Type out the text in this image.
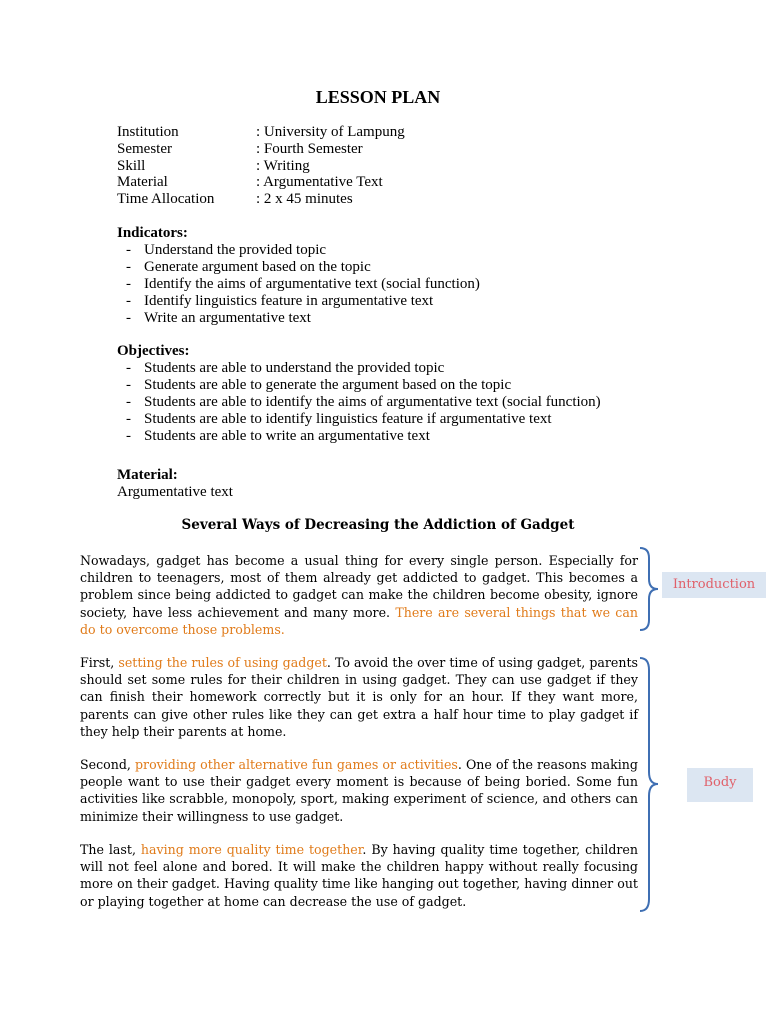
LESSON PLAN
Institution	: University of Lampung
Semester	: Fourth Semester
Skill	: Writing
Material	: Argumentative Text
Time Allocation	: 2 x 45 minutes
Indicators:
- Understand the provided topic
- Generate argument based on the topic
- Identify the aims of argumentative text (social function)
- Identify linguistics feature in argumentative text
- Write an argumentative text
Objectives:
- Students are able to understand the provided topic
- Students are able to generate the argument based on the topic
- Students are able to identify the aims of argumentative text (social function)
- Students are able to identify linguistics feature if argumentative text
- Students are able to write an argumentative text
Material:
Argumentative text
Several Ways of Decreasing the Addiction of Gadget
Nowadays, gadget has become a usual thing for every single person. Especially for children to teenagers, most of them already get addicted to gadget. This becomes a problem since being addicted to gadget can make the children become obesity, ignore society, have less achievement and many more. There are several things that we can do to overcome those problems.
First, setting the rules of using gadget. To avoid the over time of using gadget, parents should set some rules for their children in using gadget. They can use gadget if they can finish their homework correctly but it is only for an hour. If they want more, parents can give other rules like they can get extra a half hour time to play gadget if they help their parents at home.
Second, providing other alternative fun games or activities. One of the reasons making people want to use their gadget every moment is because of being boried. Some fun activities like scrabble, monopoly, sport, making experiment of science, and others can minimize their willingness to use gadget.
The last, having more quality time together. By having quality time together, children will not feel alone and bored. It will make the children happy without really focusing more on their gadget. Having quality time like hanging out together, having dinner out or playing together at home can decrease the use of gadget.
Introduction
Body
